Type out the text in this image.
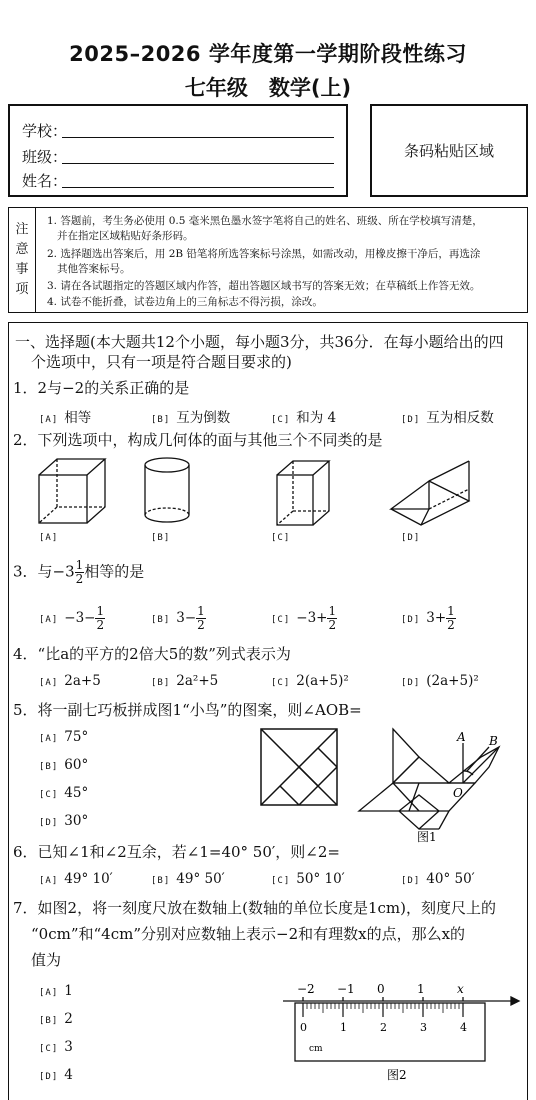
2025–2026 学年度第一学期阶段性练习
七年级　数学(上)
学校：
班级：
姓名：
条码粘贴区域
注
意
事
项
1. 答题前，考生务必使用 0.5 毫米黑色墨水签字笔将自己的姓名、班级、所在学校填写清楚，
并在指定区域粘贴好条形码。
2. 选择题选出答案后，用 2B 铅笔将所选答案标号涂黑，如需改动，用橡皮擦干净后，再选涂
其他答案标号。
3. 请在各试题指定的答题区域内作答，超出答题区域书写的答案无效；在草稿纸上作答无效。
4. 试卷不能折叠，试卷边角上的三角标志不得污损，涂改。
一、选择题(本大题共12个小题，每小题3分，共36分．在每小题给出的四
个选项中，只有一项是符合题目要求的)
1．2与−2的关系正确的是
[A] 相等	[B] 互为倒数	[C] 和为 4	[D] 互为相反数
2．下列选项中，构成几何体的面与其他三个不同类的是
[A]	[B]	[C]	[D]
3．与$-3 \frac{1}{2}$ 相等的是
$[A] -3- \frac{1}{2}$	[B] $3- \frac{1}{2}$	$[C] -3+ \frac{1}{2}$	[D] $3+ \frac{1}{2}$
4．“比a的平方的2倍大5的数”列式表示为
[A] 2a+5	[B] 2a²+5	[C] 2(a+5)²	[D] (2a+5)²
5．将一副七巧板拼成图1“小鸟”的图案，则∠AOB=
[A] 75°
[B] 60°
[C] 45°
[D] 30°
A B
O
图1
6．已知∠1和∠2互余，若∠1=40° 50′，则∠2=
[A] 49° 10′	[B] 49° 50′	[C] 50° 10′	[D] 40° 50′
7．如图2，将一刻度尺放在数轴上(数轴的单位长度是1cm)，刻度尺上的
“0cm”和“4cm”分别对应数轴上表示−2和有理数x的点，那么x的
值为
[A] 1
[B] 2
[C] 3
[D] 4
−2 −1 0	1	x
0	1	2	3	4
cm
图2
